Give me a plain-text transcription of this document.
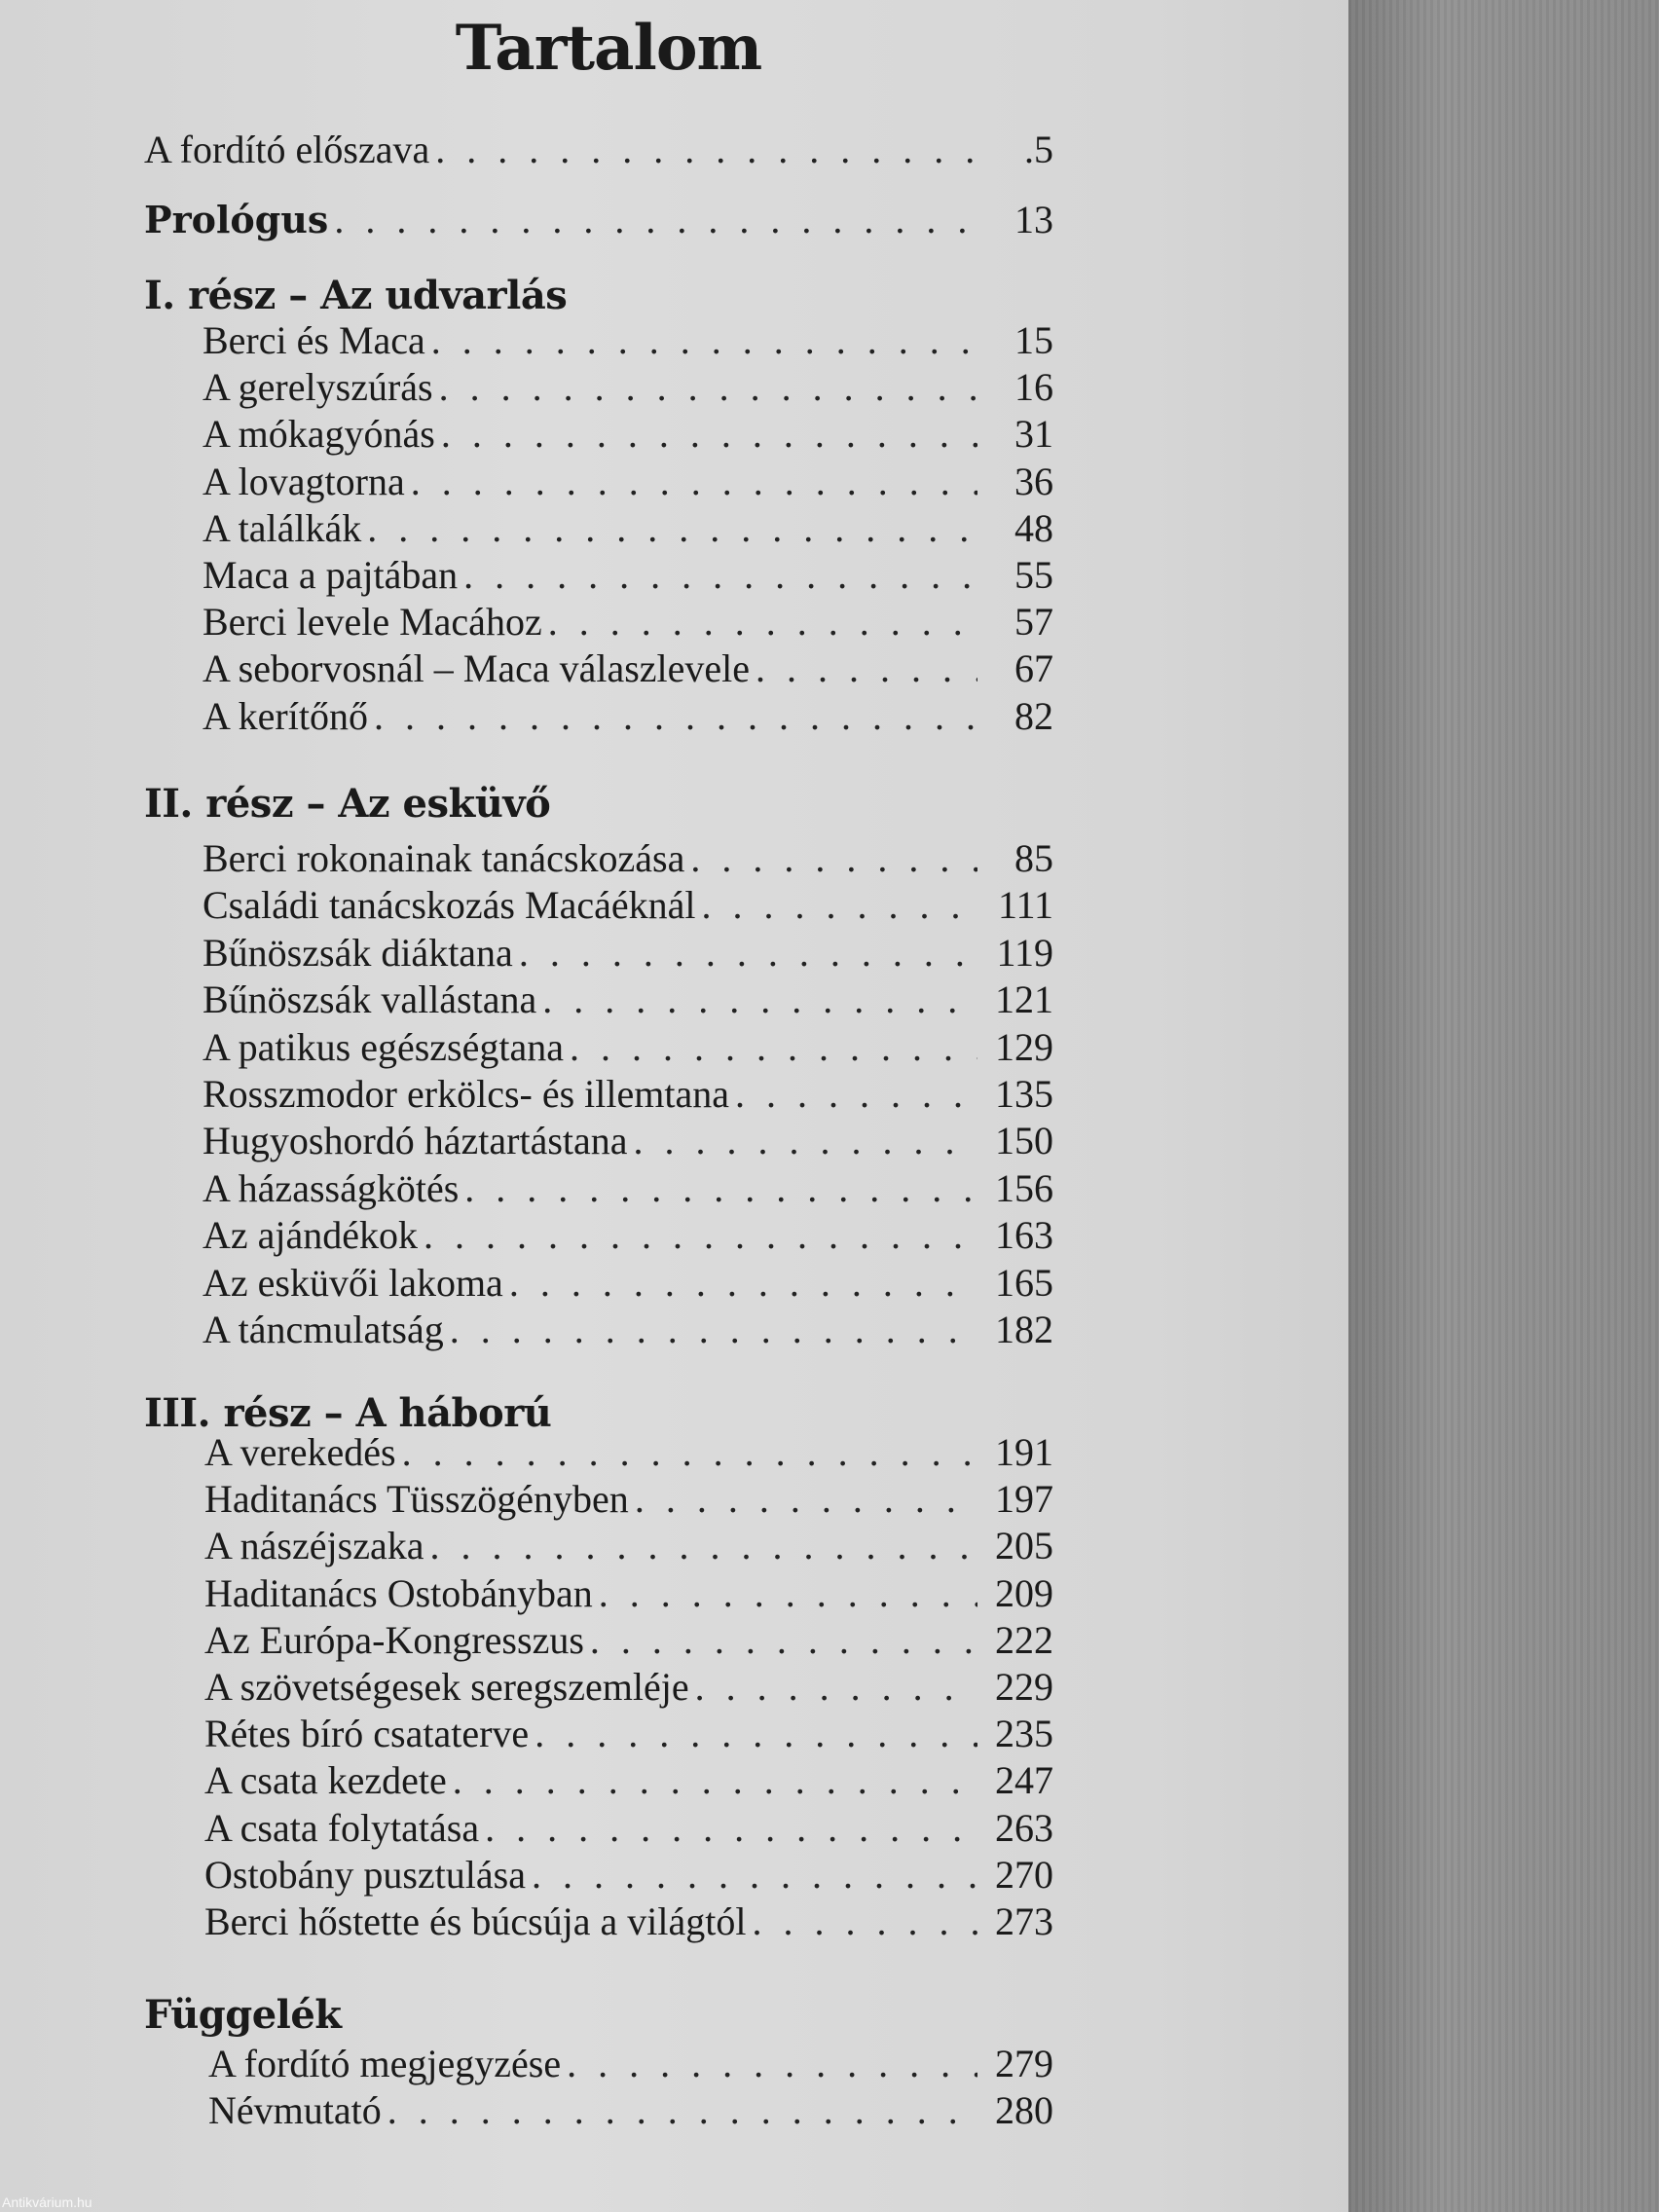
Tartalom
A fordító előszava . . .	.5
Prológus . . .	13
I. rész – Az udvarlás
Berci és Maca . . .	15
A gerelyszúrás . . .	16
A mókagyónás . . .	31
A lovagtorna . . .	36
A találkák . . .	48
Maca a pajtában . . .	55
Berci levele Macához . . .	57
A seborvosnál – Maca válaszlevele . . .	67
A kerítőnő . . .	82
II. rész – Az esküvő
Berci rokonainak tanácskozása . . .	85
Családi tanácskozás Macáéknál . . .	111
Bűnöszsák diáktana . . .	119
Bűnöszsák vallástana . . .	121
A patikus egészségtana . . .	129
Rosszmodor erkölcs- és illemtana . . .	135
Hugyoshordó háztartástana . . .	150
A házasságkötés . . .	156
Az ajándékok . . .	163
Az esküvői lakoma . . .	165
A táncmulatság . . .	182
III. rész – A háború
A verekedés . . .	191
Haditanács Tüsszögényben . . .	197
A nászéjszaka . . .	205
Haditanács Ostobányban . . .	209
Az Európa-Kongresszus . . .	222
A szövetségesek seregszemléje . . .	229
Rétes bíró csataterve . . .	235
A csata kezdete . . .	247
A csata folytatása . . .	263
Ostobány pusztulása . . .	270
Berci hőstette és búcsúja a világtól . . .	273
Függelék
A fordító megjegyzése . . .	279
Névmutató . . .	280
Antikvárium.hu
